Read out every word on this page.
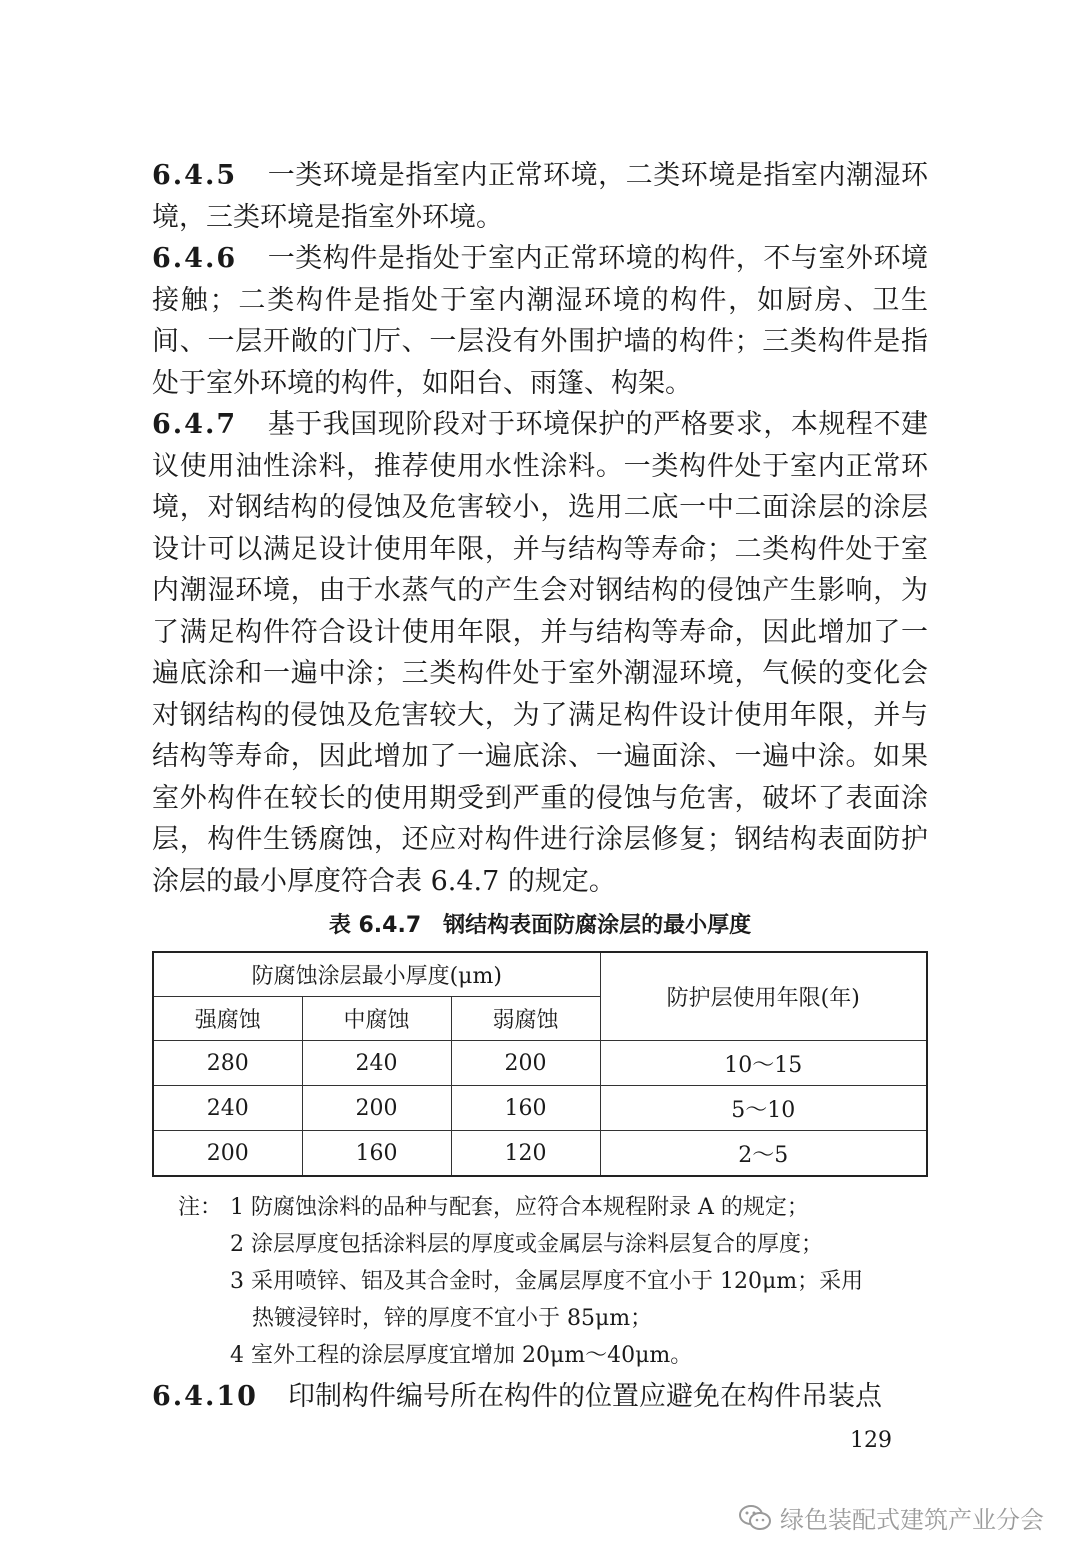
6.4.5 一类环境是指室内正常环境，二类环境是指室内潮湿环境，三类环境是指室外环境。

6.4.6 一类构件是指处于室内正常环境的构件，不与室外环境接触；二类构件是指处于室内潮湿环境的构件，如厨房、卫生间、一层开敞的门厅、一层没有外围护墙的构件；三类构件是指处于室外环境的构件，如阳台、雨篷、构架。

6.4.7 基于我国现阶段对于环境保护的严格要求，本规程不建议使用油性涂料，推荐使用水性涂料。一类构件处于室内正常环境，对钢结构的侵蚀及危害较小，选用二底一中二面涂层的涂层设计可以满足设计使用年限，并与结构等寿命；二类构件处于室内潮湿环境，由于水蒸气的产生会对钢结构的侵蚀产生影响，为了满足构件符合设计使用年限，并与结构等寿命，因此增加了一遍底涂和一遍中涂；三类构件处于室外潮湿环境，气候的变化会对钢结构的侵蚀及危害较大，为了满足构件设计使用年限，并与结构等寿命，因此增加了一遍底涂、一遍面涂、一遍中涂。如果室外构件在较长的使用期受到严重的侵蚀与危害，破坏了表面涂层，构件生锈腐蚀，还应对构件进行涂层修复；钢结构表面防护涂层的最小厚度符合表 6.4.7 的规定。

表 6.4.7　钢结构表面防腐涂层的最小厚度
防腐蚀涂层最小厚度(μm)			防护层使用年限(年)
强腐蚀	中腐蚀	弱腐蚀	
280	240	200	10～15
240	200	160	5～10
200	160	120	2～5
注： 1 防腐蚀涂料的品种与配套，应符合本规程附录 A 的规定；
2 涂层厚度包括涂料层的厚度或金属层与涂料层复合的厚度；
3 采用喷锌、铝及其合金时，金属层厚度不宜小于 120μm；采用
热镀浸锌时，锌的厚度不宜小于 85μm；
4 室外工程的涂层厚度宜增加 20μm～40μm。

6.4.10 印制构件编号所在构件的位置应避免在构件吊装点

129
绿色装配式建筑产业分会
